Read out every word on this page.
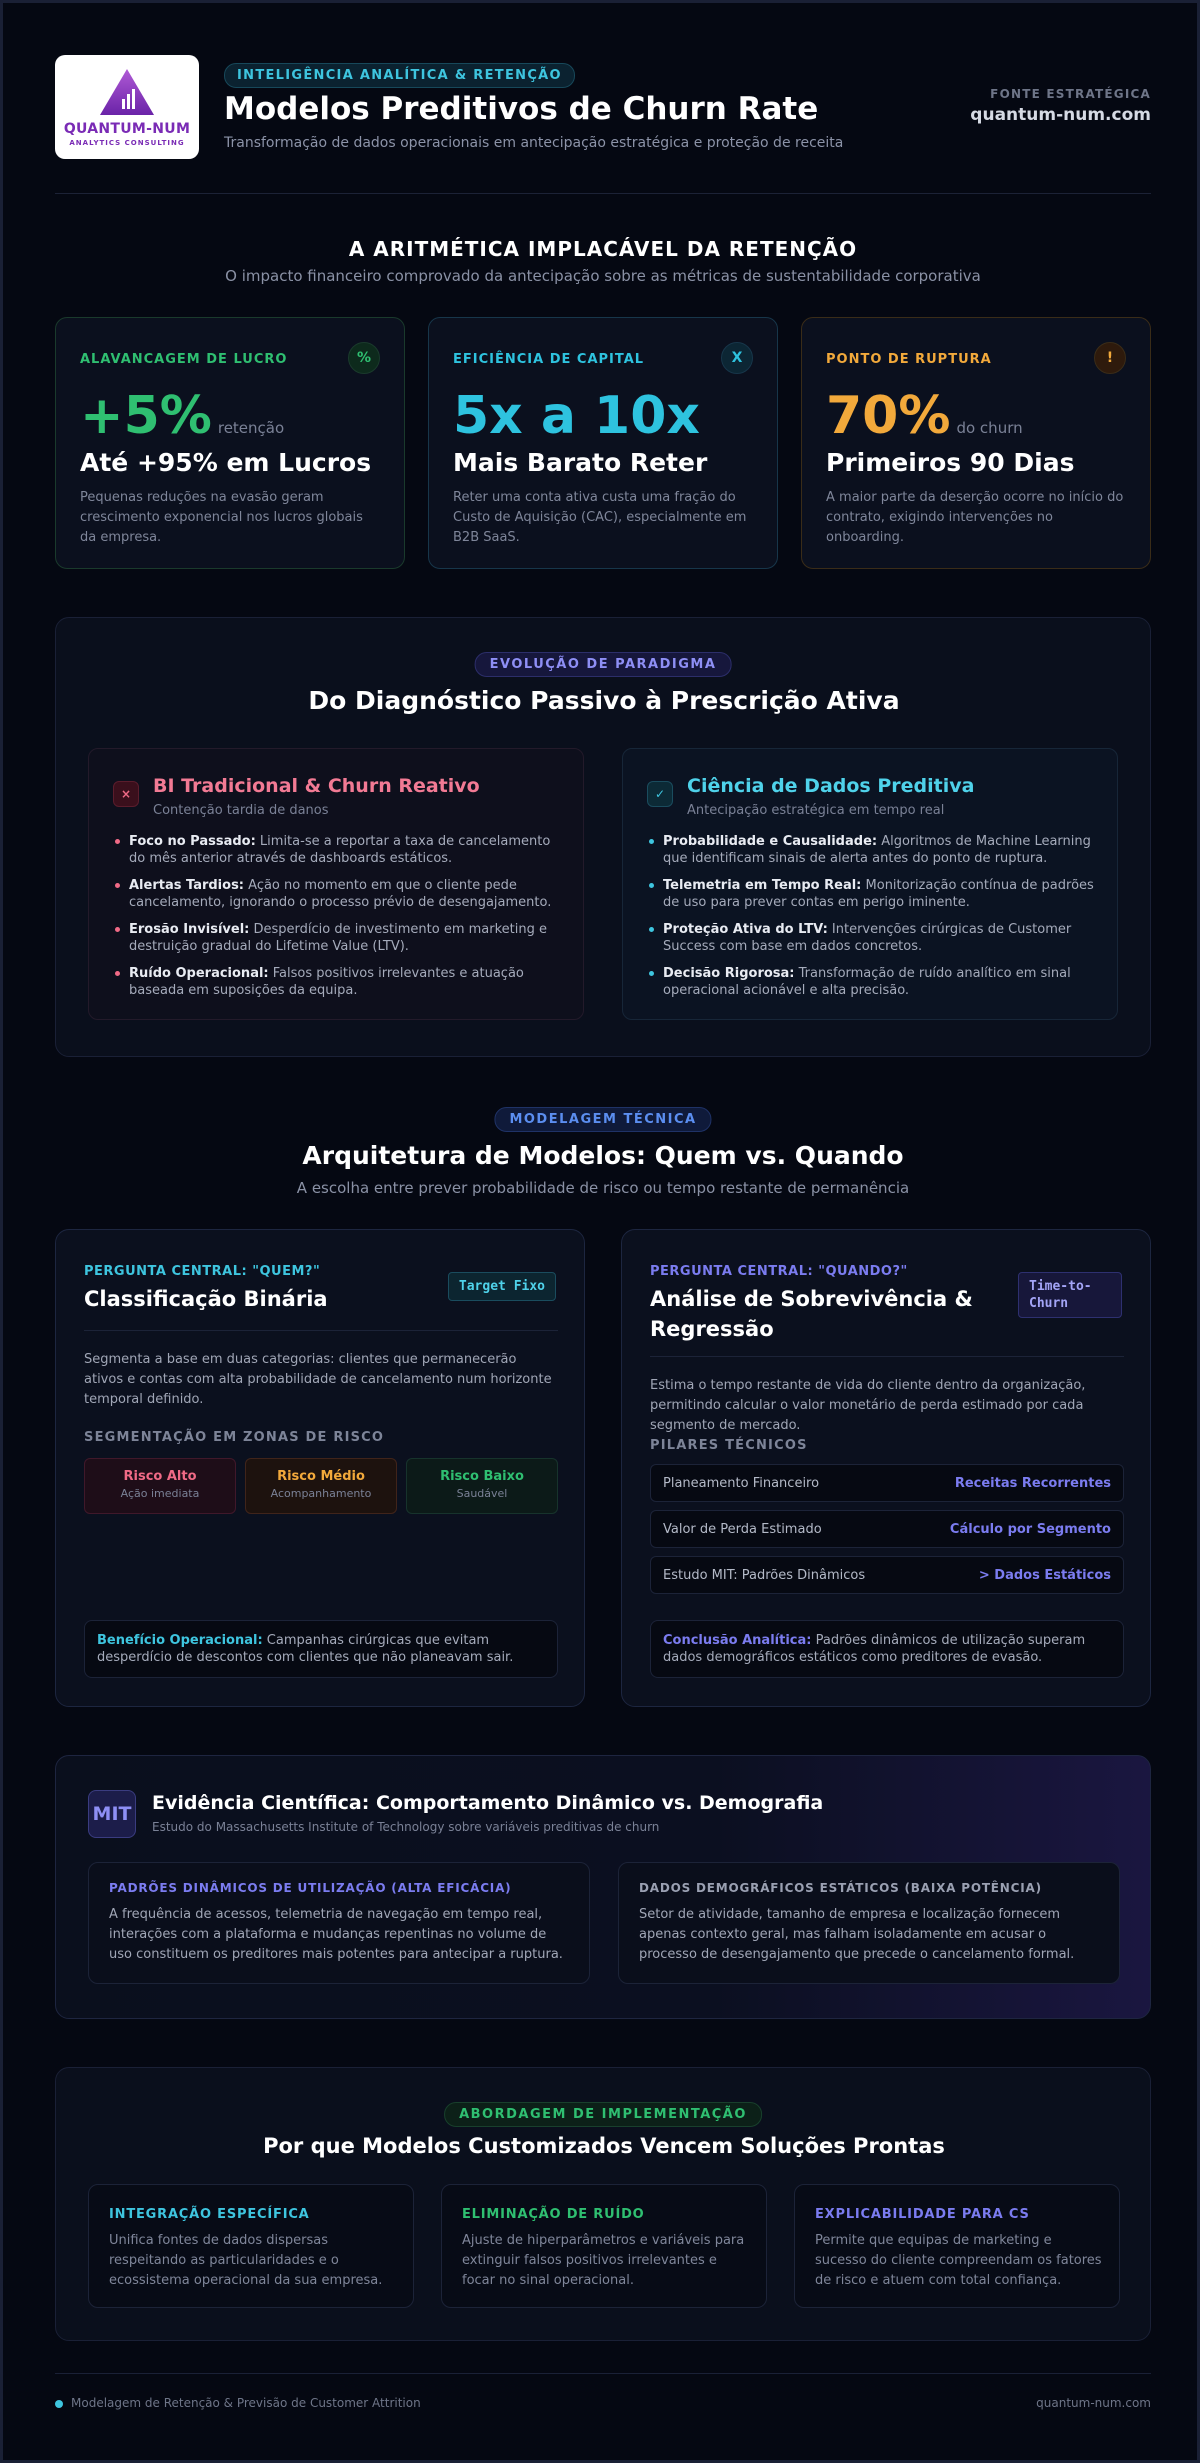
QUANTUM-NUM
ANALYTICS CONSULTING
INTELIGÊNCIA ANALÍTICA & RETENÇÃO
Modelos Preditivos de Churn Rate
Transformação de dados operacionais em antecipação estratégica e proteção de receita
FONTE ESTRATÉGICA
quantum-num.com
A ARITMÉTICA IMPLACÁVEL DA RETENÇÃO
O impacto financeiro comprovado da antecipação sobre as métricas de sustentabilidade corporativa
ALAVANCAGEM DE LUCRO	%
+5% retenção
Até +95% em Lucros
Pequenas reduções na evasão geram crescimento exponencial nos lucros globais da empresa.
EFICIÊNCIA DE CAPITAL	X
5x a 10x
Mais Barato Reter
Reter uma conta ativa custa uma fração do Custo de Aquisição (CAC), especialmente em B2B SaaS.
PONTO DE RUPTURA	!
70% do churn
Primeiros 90 Dias
A maior parte da deserção ocorre no início do contrato, exigindo intervenções no onboarding.
EVOLUÇÃO DE PARADIGMA
Do Diagnóstico Passivo à Prescrição Ativa
×	BI Tradicional & Churn Reativo
Contenção tardia de danos
Foco no Passado: Limita-se a reportar a taxa de cancelamento do mês anterior através de dashboards estáticos.
Alertas Tardios: Ação no momento em que o cliente pede cancelamento, ignorando o processo prévio de desengajamento.
Erosão Invisível: Desperdício de investimento em marketing e destruição gradual do Lifetime Value (LTV).
Ruído Operacional: Falsos positivos irrelevantes e atuação baseada em suposições da equipa.
✓	Ciência de Dados Preditiva
Antecipação estratégica em tempo real
Probabilidade e Causalidade: Algoritmos de Machine Learning que identificam sinais de alerta antes do ponto de ruptura.
Telemetria em Tempo Real: Monitorização contínua de padrões de uso para prever contas em perigo iminente.
Proteção Ativa do LTV: Intervenções cirúrgicas de Customer Success com base em dados concretos.
Decisão Rigorosa: Transformação de ruído analítico em sinal operacional acionável e alta precisão.
MODELAGEM TÉCNICA
Arquitetura de Modelos: Quem vs. Quando
A escolha entre prever probabilidade de risco ou tempo restante de permanência
PERGUNTA CENTRAL: "QUEM?"
Classificação Binária
Target Fixo
Segmenta a base em duas categorias: clientes que permanecerão ativos e contas com alta probabilidade de cancelamento num horizonte temporal definido.
SEGMENTAÇÃO EM ZONAS DE RISCO
Risco Alto
Ação imediata
Risco Médio
Acompanhamento
Risco Baixo
Saudável
Benefício Operacional: Campanhas cirúrgicas que evitam desperdício de descontos com clientes que não planeavam sair.
PERGUNTA CENTRAL: "QUANDO?"
Análise de Sobrevivência &
Regressão
Time-to-
Churn
Estima o tempo restante de vida do cliente dentro da organização, permitindo calcular o valor monetário de perda estimado por cada segmento de mercado.
PILARES TÉCNICOS
Planeamento Financeiro	Receitas Recorrentes
Valor de Perda Estimado	Cálculo por Segmento
Estudo MIT: Padrões Dinâmicos	> Dados Estáticos
Conclusão Analítica: Padrões dinâmicos de utilização superam dados demográficos estáticos como preditores de evasão.
MIT Evidência Científica: Comportamento Dinâmico vs. Demografia
Estudo do Massachusetts Institute of Technology sobre variáveis preditivas de churn
PADRÕES DINÂMICOS DE UTILIZAÇÃO (ALTA EFICÁCIA)
A frequência de acessos, telemetria de navegação em tempo real, interações com a plataforma e mudanças repentinas no volume de uso constituem os preditores mais potentes para antecipar a ruptura.
DADOS DEMOGRÁFICOS ESTÁTICOS (BAIXA POTÊNCIA)
Setor de atividade, tamanho de empresa e localização fornecem apenas contexto geral, mas falham isoladamente em acusar o processo de desengajamento que precede o cancelamento formal.
ABORDAGEM DE IMPLEMENTAÇÃO
Por que Modelos Customizados Vencem Soluções Prontas
INTEGRAÇÃO ESPECÍFICA
Unifica fontes de dados dispersas respeitando as particularidades e o ecossistema operacional da sua empresa.
ELIMINAÇÃO DE RUÍDO
Ajuste de hiperparâmetros e variáveis para extinguir falsos positivos irrelevantes e focar no sinal operacional.
EXPLICABILIDADE PARA CS
Permite que equipas de marketing e sucesso do cliente compreendam os fatores de risco e atuem com total confiança.
Modelagem de Retenção & Previsão de Customer Attrition	quantum-num.com
